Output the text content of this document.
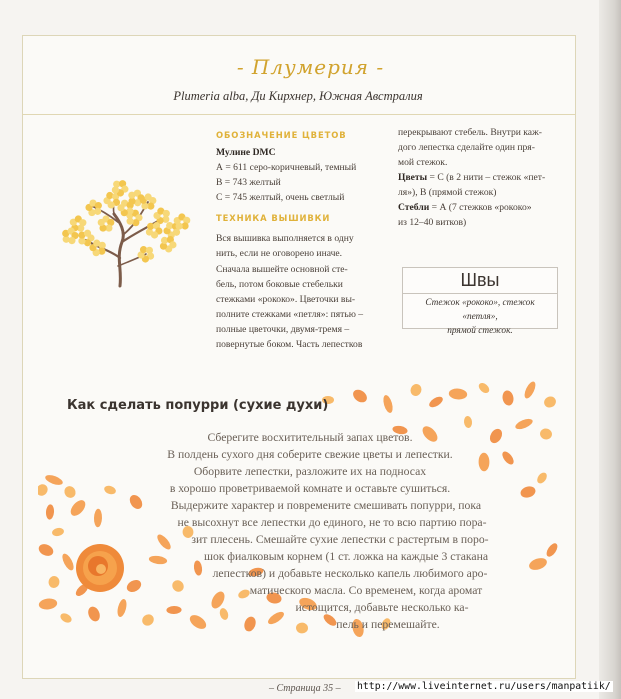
- Плумерия -
Plumeria alba, Ди Кирхнер, Южная Австралия
ОБОЗНАЧЕНИЕ ЦВЕТОВ
Мулине DMC
А = 611 серо-коричневый, темный
В = 743 желтый
С = 745 желтый, очень светлый
ТЕХНИКА ВЫШИВКИ
Вся вышивка выполняется в одну
нить, если не оговорено иначе.
Сначала вышейте основной сте-
бель, потом боковые стебельки
стежками «рококо». Цветочки вы-
полните стежками «петля»: пятью –
полные цветочки, двумя-тремя –
повернутые боком. Часть лепестков
перекрывают стебель. Внутри каж-
дого лепестка сделайте один пря-
мой стежок.
Цветы = С (в 2 нити – стежок «пет-
ля»), В (прямой стежок)
Стебли = А (7 стежков «рококо»
из 12–40 витков)
Швы
Стежок «рококо», стежок «петля»,
прямой стежок.
Как сделать попурри (сухие духи)
Сберегите восхитительный запах цветов.
В полдень сухого дня соберите свежие цветы и лепестки.
Оборвите лепестки, разложите их на подносах
в хорошо проветриваемой комнате и оставьте сушиться.
Выдержите характер и повремените смешивать попурри, пока
не высохнут все лепестки до единого, не то всю партию пора-
зит плесень. Смешайте сухие лепестки с растертым в порo-
шок фиалковым корнем (1 ст. ложка на каждые 3 стакана
лепестков) и добавьте несколько капель любимого аро-
матического масла. Со временем, когда аромат
истощится, добавьте несколько ка-
пель и перемешайте.
– Страница 35 – http://www.liveinternet.ru/users/manpatiik/
